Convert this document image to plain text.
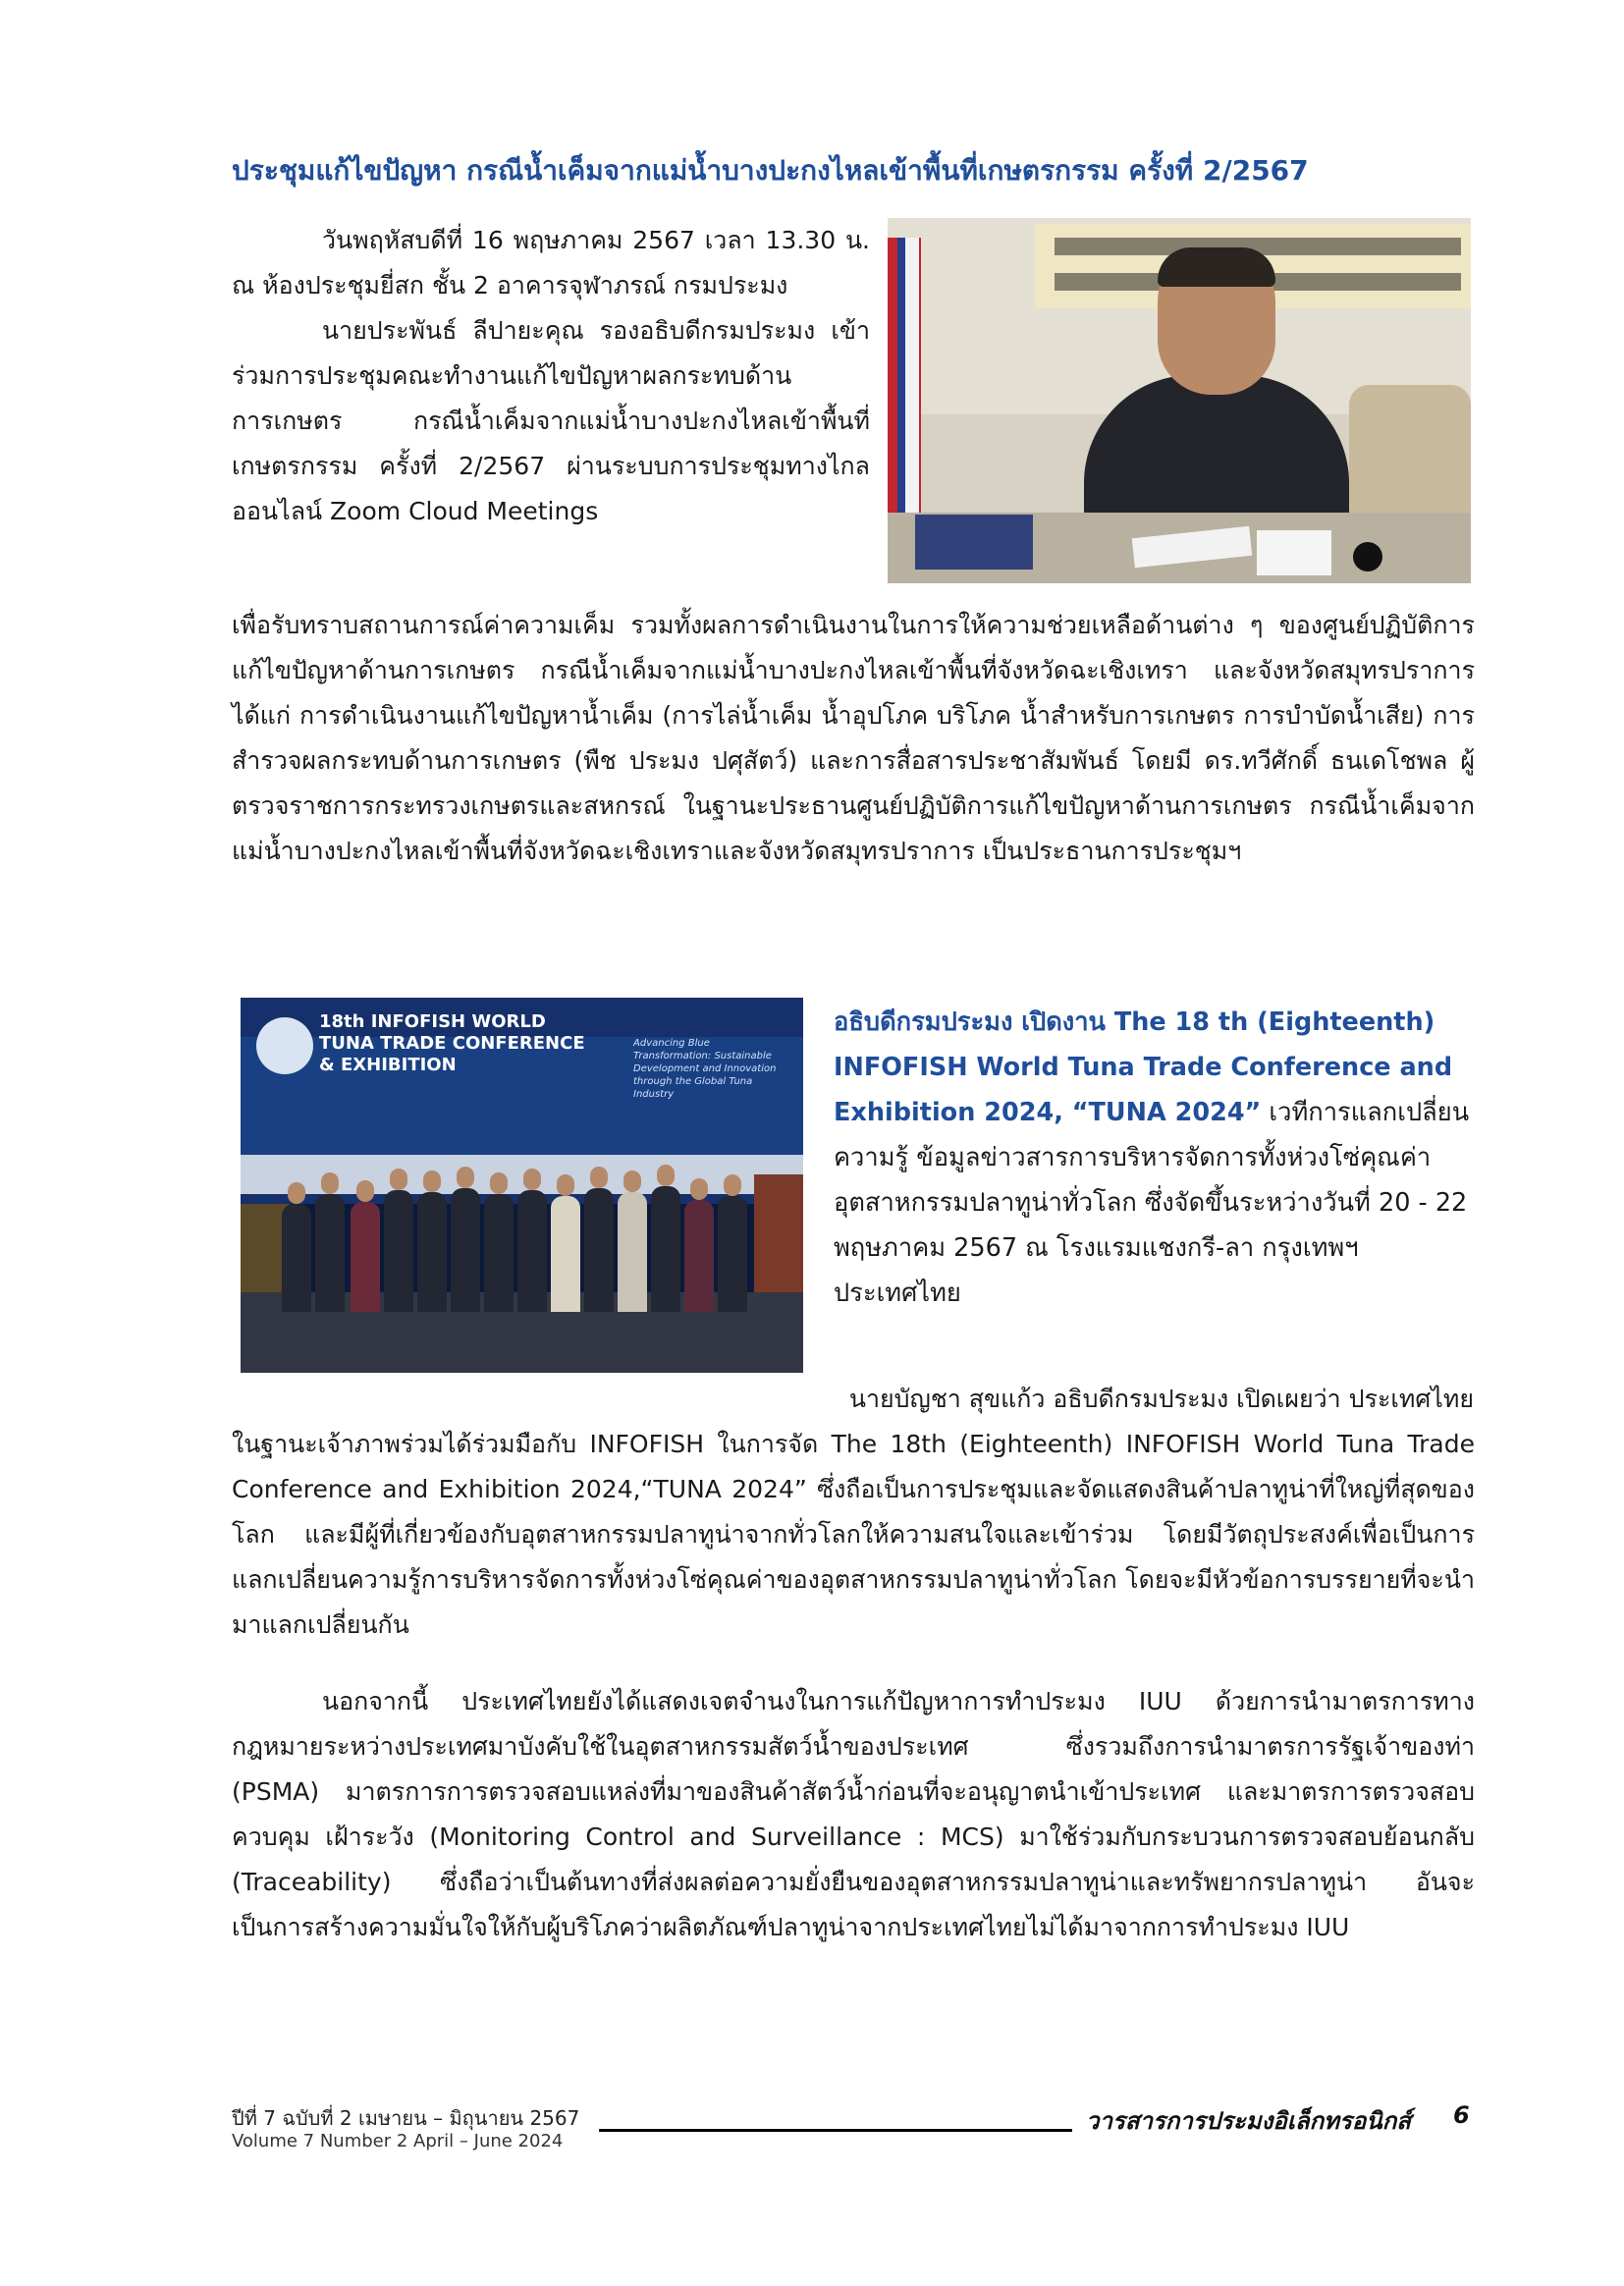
ประชุมแก้ไขปัญหา กรณีน้ำเค็มจากแม่น้ำบางปะกงไหลเข้าพื้นที่เกษตรกรรม ครั้งที่ 2/2567

วันพฤหัสบดีที่ 16 พฤษภาคม 2567 เวลา 13.30 น. ณ ห้องประชุมยี่สก ชั้น 2 อาคารจุฬาภรณ์ กรมประมง

นายประพันธ์ ลีปายะคุณ รองอธิบดีกรมประมง เข้าร่วมการประชุมคณะทำงานแก้ไขปัญหาผลกระทบด้านการเกษตร กรณีน้ำเค็มจากแม่น้ำบางปะกงไหลเข้าพื้นที่เกษตรกรรม ครั้งที่ 2/2567 ผ่านระบบการประชุมทางไกลออนไลน์ Zoom Cloud Meetings

เพื่อรับทราบสถานการณ์ค่าความเค็ม รวมทั้งผลการดำเนินงานในการให้ความช่วยเหลือด้านต่าง ๆ ของศูนย์ปฏิบัติการแก้ไขปัญหาด้านการเกษตร กรณีน้ำเค็มจากแม่น้ำบางปะกงไหลเข้าพื้นที่จังหวัดฉะเชิงเทรา และจังหวัดสมุทรปราการ ได้แก่ การดำเนินงานแก้ไขปัญหาน้ำเค็ม (การไล่น้ำเค็ม น้ำอุปโภค บริโภค น้ำสำหรับการเกษตร การบำบัดน้ำเสีย) การสำรวจผลกระทบด้านการเกษตร (พืช ประมง ปศุสัตว์) และการสื่อสารประชาสัมพันธ์ โดยมี ดร.ทวีศักดิ์ ธนเดโชพล ผู้ตรวจราชการกระทรวงเกษตรและสหกรณ์ ในฐานะประธานศูนย์ปฏิบัติการแก้ไขปัญหาด้านการเกษตร กรณีน้ำเค็มจากแม่น้ำบางปะกงไหลเข้าพื้นที่จังหวัดฉะเชิงเทราและจังหวัดสมุทรปราการ เป็นประธานการประชุมฯ

18th INFOFISH WORLD TUNA TRADE CONFERENCE & EXHIBITION
Advancing Blue Transformation: Sustainable Development and Innovation through the Global Tuna Industry
อธิบดีกรมประมง เปิดงาน The 18 th (Eighteenth) INFOFISH World Tuna Trade Conference and Exhibition 2024, “TUNA 2024” เวทีการแลกเปลี่ยนความรู้ ข้อมูลข่าวสารการบริหารจัดการทั้งห่วงโซ่คุณค่าอุตสาหกรรมปลาทูน่าทั่วโลก ซึ่งจัดขึ้นระหว่างวันที่ 20 - 22 พฤษภาคม 2567 ณ โรงแรมแชงกรี-ลา กรุงเทพฯ ประเทศไทย

นายบัญชา สุขแก้ว อธิบดีกรมประมง เปิดเผยว่า ประเทศไทย

ในฐานะเจ้าภาพร่วมได้ร่วมมือกับ INFOFISH ในการจัด The 18th (Eighteenth) INFOFISH World Tuna Trade Conference and Exhibition 2024,“TUNA 2024” ซึ่งถือเป็นการประชุมและจัดแสดงสินค้าปลาทูน่าที่ใหญ่ที่สุดของโลก และมีผู้ที่เกี่ยวข้องกับอุตสาหกรรมปลาทูน่าจากทั่วโลกให้ความสนใจและเข้าร่วม โดยมีวัตถุประสงค์เพื่อเป็นการแลกเปลี่ยนความรู้การบริหารจัดการทั้งห่วงโซ่คุณค่าของอุตสาหกรรมปลาทูน่าทั่วโลก โดยจะมีหัวข้อการบรรยายที่จะนำมาแลกเปลี่ยนกัน

นอกจากนี้ ประเทศไทยยังได้แสดงเจตจำนงในการแก้ปัญหาการทำประมง IUU ด้วยการนำมาตรการทางกฎหมายระหว่างประเทศมาบังคับใช้ในอุตสาหกรรมสัตว์น้ำของประเทศ ซึ่งรวมถึงการนำมาตรการรัฐเจ้าของท่า (PSMA) มาตรการการตรวจสอบแหล่งที่มาของสินค้าสัตว์น้ำก่อนที่จะอนุญาตนำเข้าประเทศ และมาตรการตรวจสอบ ควบคุม เฝ้าระวัง (Monitoring Control and Surveillance : MCS) มาใช้ร่วมกับกระบวนการตรวจสอบย้อนกลับ (Traceability) ซึ่งถือว่าเป็นต้นทางที่ส่งผลต่อความยั่งยืนของอุตสาหกรรมปลาทูน่าและทรัพยากรปลาทูน่า อันจะเป็นการสร้างความมั่นใจให้กับผู้บริโภคว่าผลิตภัณฑ์ปลาทูน่าจากประเทศไทยไม่ได้มาจากการทำประมง IUU

ปีที่ 7 ฉบับที่ 2 เมษายน – มิถุนายน 2567
Volume 7 Number 2 April – June 2024
วารสารการประมงอิเล็กทรอนิกส์ 6
